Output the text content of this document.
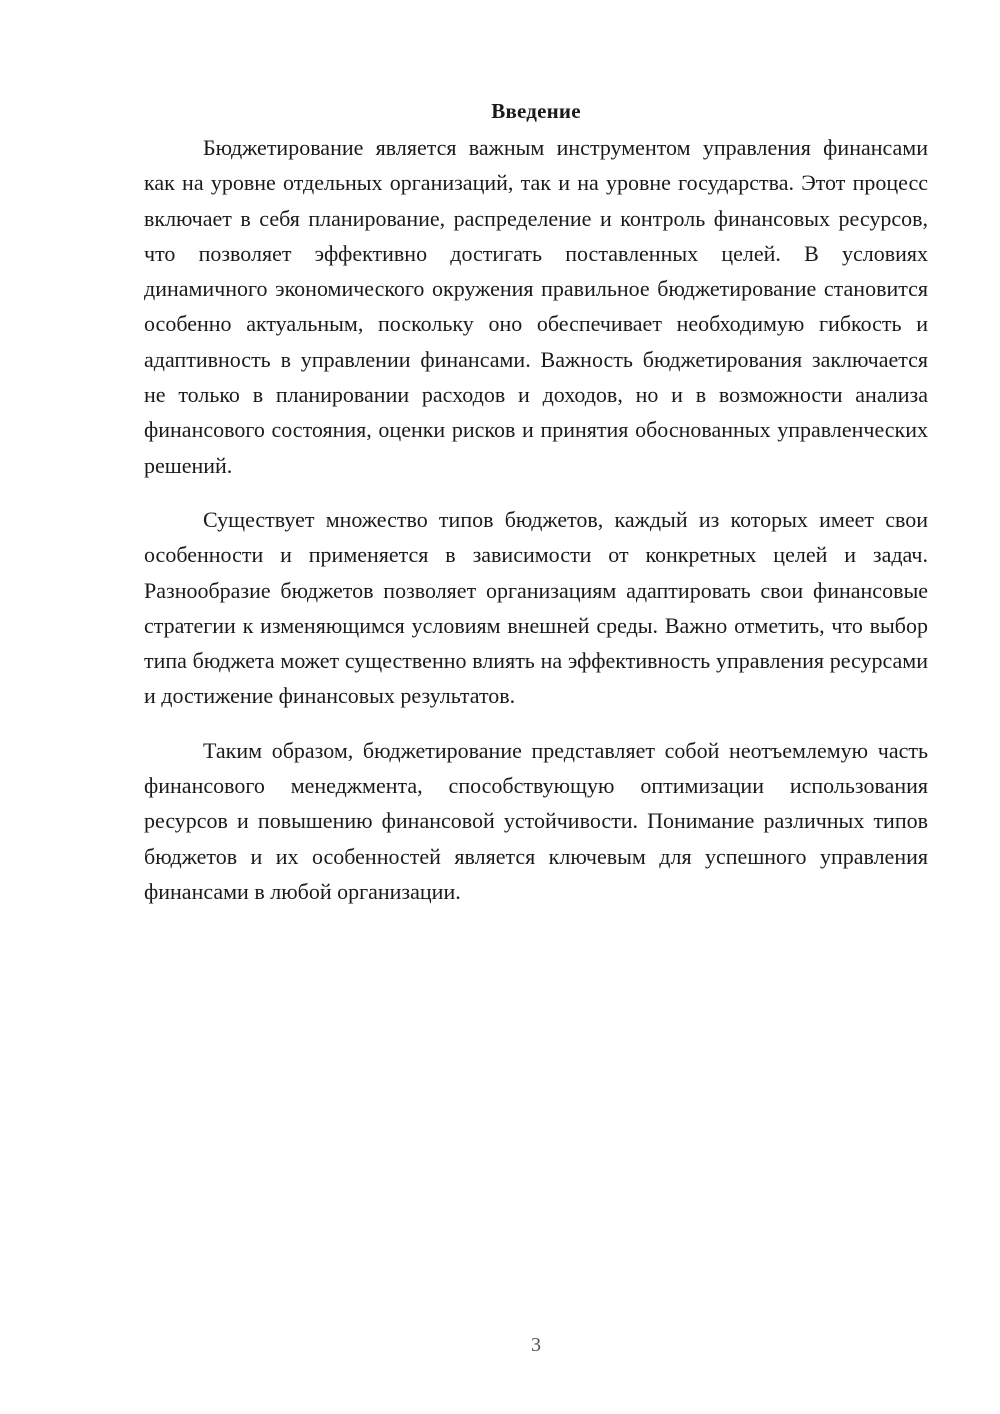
Введение

Бюджетирование является важным инструментом управления финансами как на уровне отдельных организаций, так и на уровне государства. Этот процесс включает в себя планирование, распределение и контроль финансовых ресурсов, что позволяет эффективно достигать поставленных целей. В условиях динамичного экономического окружения правильное бюджетирование становится особенно актуальным, поскольку оно обеспечивает необходимую гибкость и адаптивность в управлении финансами. Важность бюджетирования заключается не только в планировании расходов и доходов, но и в возможности анализа финансового состояния, оценки рисков и принятия обоснованных управленческих решений.

Существует множество типов бюджетов, каждый из которых имеет свои особенности и применяется в зависимости от конкретных целей и задач. Разнообразие бюджетов позволяет организациям адаптировать свои финансовые стратегии к изменяющимся условиям внешней среды. Важно отметить, что выбор типа бюджета может существенно влиять на эффективность управления ресурсами и достижение финансовых результатов.

Таким образом, бюджетирование представляет собой неотъемлемую часть финансового менеджмента, способствующую оптимизации использования ресурсов и повышению финансовой устойчивости. Понимание различных типов бюджетов и их особенностей является ключевым для успешного управления финансами в любой организации.

3
